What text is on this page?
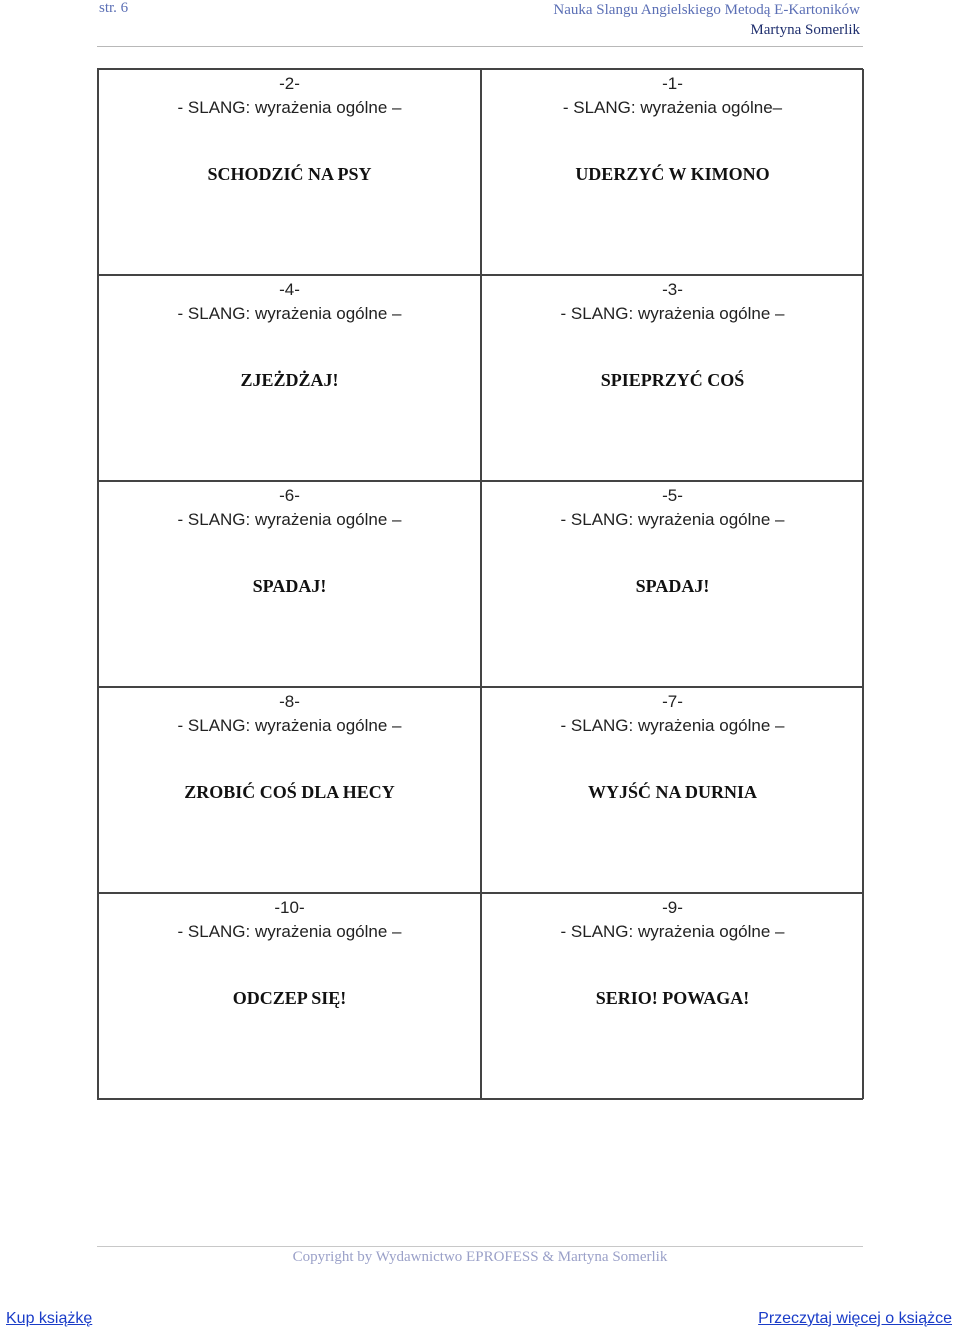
str. 6	Nauka Slangu Angielskiego Metodą E-Kartoników
Martyna Somerlik
-2-
- SLANG: wyrażenia ogólne –
SCHODZIĆ NA PSY
-1-
- SLANG: wyrażenia ogólne–
UDERZYĆ W KIMONO
-4-
- SLANG: wyrażenia ogólne –
ZJEŻDŻAJ!
-3-
- SLANG: wyrażenia ogólne –
SPIEPRZYĆ COŚ
-6-
- SLANG: wyrażenia ogólne –
SPADAJ!
-5-
- SLANG: wyrażenia ogólne –
SPADAJ!
-8-
- SLANG: wyrażenia ogólne –
ZROBIĆ COŚ DLA HECY
-7-
- SLANG: wyrażenia ogólne –
WYJŚĆ NA DURNIA
-10-
- SLANG: wyrażenia ogólne –
ODCZEP SIĘ!
-9-
- SLANG: wyrażenia ogólne –
SERIO! POWAGA!
Copyright by Wydawnictwo EPROFESS & Martyna Somerlik
Kup książkę	Przeczytaj więcej o książce
